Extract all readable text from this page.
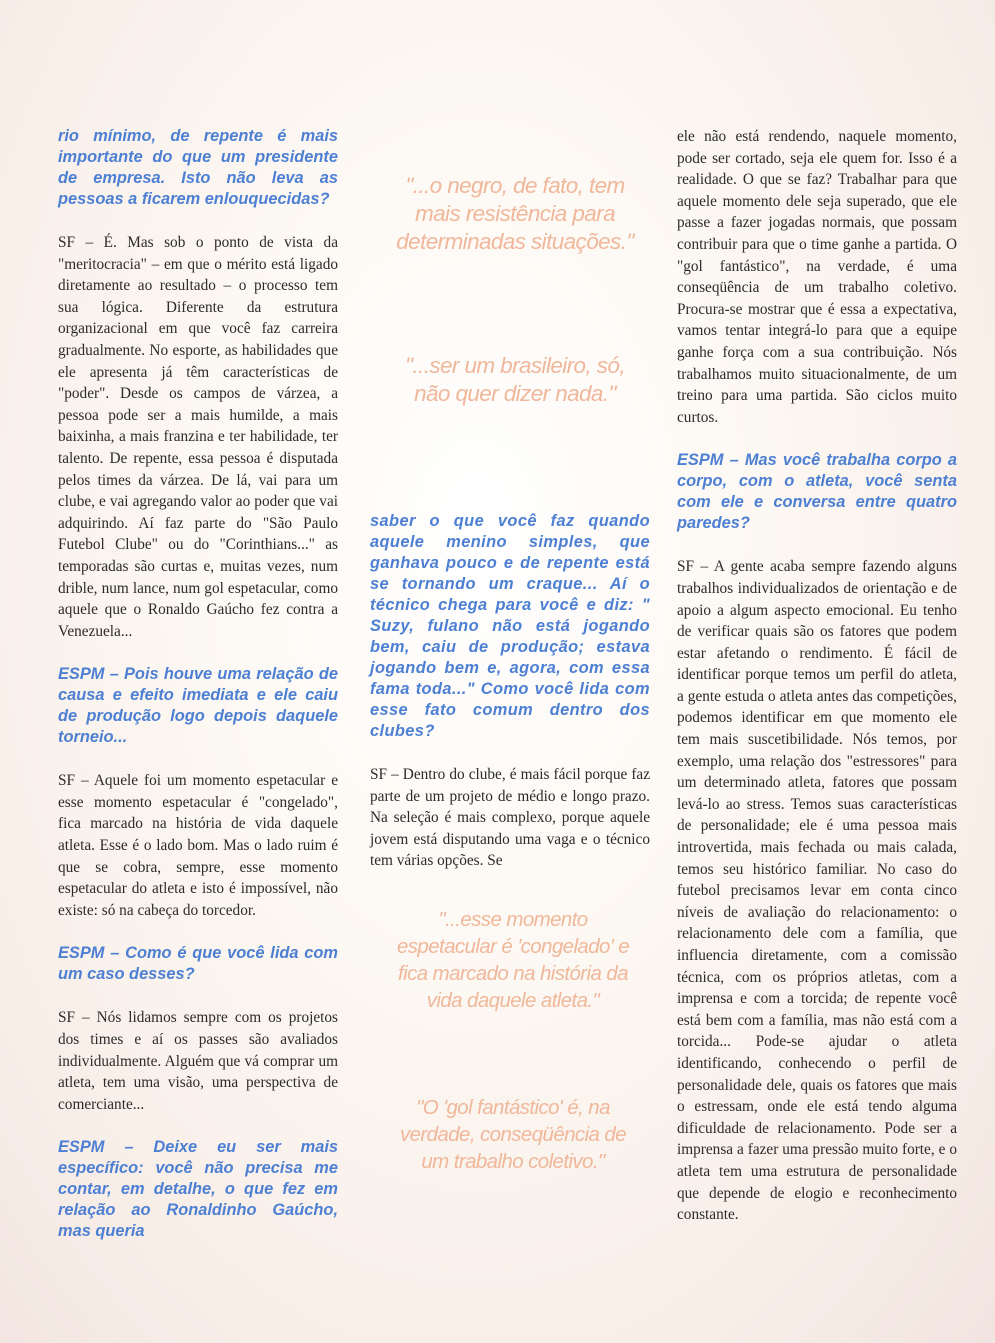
rio mínimo, de repente é mais importante do que um presidente de empresa. Isto não leva as pessoas a ficarem enlouquecidas?

SF – É. Mas sob o ponto de vista da "meritocracia" – em que o mérito está ligado diretamente ao resultado – o processo tem sua lógica. Diferente da estrutura organizacional em que você faz carreira gradualmente. No esporte, as habilidades que ele apresenta já têm características de "poder". Desde os campos de várzea, a pessoa pode ser a mais humilde, a mais baixinha, a mais franzina e ter habilidade, ter talento. De repente, essa pessoa é disputada pelos times da várzea. De lá, vai para um clube, e vai agregando valor ao poder que vai adquirindo. Aí faz parte do "São Paulo Futebol Clube" ou do "Corinthians..." as temporadas são curtas e, muitas vezes, num drible, num lance, num gol espetacular, como aquele que o Ronaldo Gaúcho fez contra a Venezuela...

ESPM – Pois houve uma relação de causa e efeito imediata e ele caiu de produção logo depois daquele torneio...

SF – Aquele foi um momento espetacular e esse momento espetacular é "congelado", fica marcado na história de vida daquele atleta. Esse é o lado bom. Mas o lado ruim é que se cobra, sempre, esse momento espetacular do atleta e isto é impossível, não existe: só na cabeça do torcedor.

ESPM – Como é que você lida com um caso desses?

SF – Nós lidamos sempre com os projetos dos times e aí os passes são avaliados individualmente. Alguém que vá comprar um atleta, tem uma visão, uma perspectiva de comerciante...

ESPM – Deixe eu ser mais específico: você não precisa me contar, em detalhe, o que fez em relação ao Ronaldinho Gaúcho, mas queria

"...o negro, de fato, tem mais resistência para determinadas situações."

"...ser um brasileiro, só, não quer dizer nada."

saber o que você faz quando aquele menino simples, que ganhava pouco e de repente está se tornando um craque... Aí o técnico chega para você e diz: " Suzy, fulano não está jogando bem, caiu de produção; estava jogando bem e, agora, com essa fama toda..." Como você lida com esse fato comum dentro dos clubes?

SF – Dentro do clube, é mais fácil porque faz parte de um projeto de médio e longo prazo. Na seleção é mais complexo, porque aquele jovem está disputando uma vaga e o técnico tem várias opções. Se

"...esse momento espetacular é 'congelado' e fica marcado na história da vida daquele atleta."

"O 'gol fantástico' é, na verdade, conseqüência de um trabalho coletivo."

ele não está rendendo, naquele momento, pode ser cortado, seja ele quem for. Isso é a realidade. O que se faz? Trabalhar para que aquele momento dele seja superado, que ele passe a fazer jogadas normais, que possam contribuir para que o time ganhe a partida. O "gol fantástico", na verdade, é uma conseqüência de um trabalho coletivo. Procura-se mostrar que é essa a expectativa, vamos tentar integrá-lo para que a equipe ganhe força com a sua contribuição. Nós trabalhamos muito situacionalmente, de um treino para uma partida. São ciclos muito curtos.

ESPM – Mas você trabalha corpo a corpo, com o atleta, você senta com ele e conversa entre quatro paredes?

SF – A gente acaba sempre fazendo alguns trabalhos individualizados de orientação e de apoio a algum aspecto emocional. Eu tenho de verificar quais são os fatores que podem estar afetando o rendimento. É fácil de identificar porque temos um perfil do atleta, a gente estuda o atleta antes das competições, podemos identificar em que momento ele tem mais suscetibilidade. Nós temos, por exemplo, uma relação dos "estressores" para um determinado atleta, fatores que possam levá-lo ao stress. Temos suas características de personalidade; ele é uma pessoa mais introvertida, mais fechada ou mais calada, temos seu histórico familiar. No caso do futebol precisamos levar em conta cinco níveis de avaliação do relacionamento: o relacionamento dele com a família, que influencia diretamente, com a comissão técnica, com os próprios atletas, com a imprensa e com a torcida; de repente você está bem com a família, mas não está com a torcida... Pode-se ajudar o atleta identificando, conhecendo o perfil de personalidade dele, quais os fatores que mais o estressam, onde ele está tendo alguma dificuldade de relacionamento. Pode ser a imprensa a fazer uma pressão muito forte, e o atleta tem uma estrutura de personalidade que depende de elogio e reconhecimento constante.
